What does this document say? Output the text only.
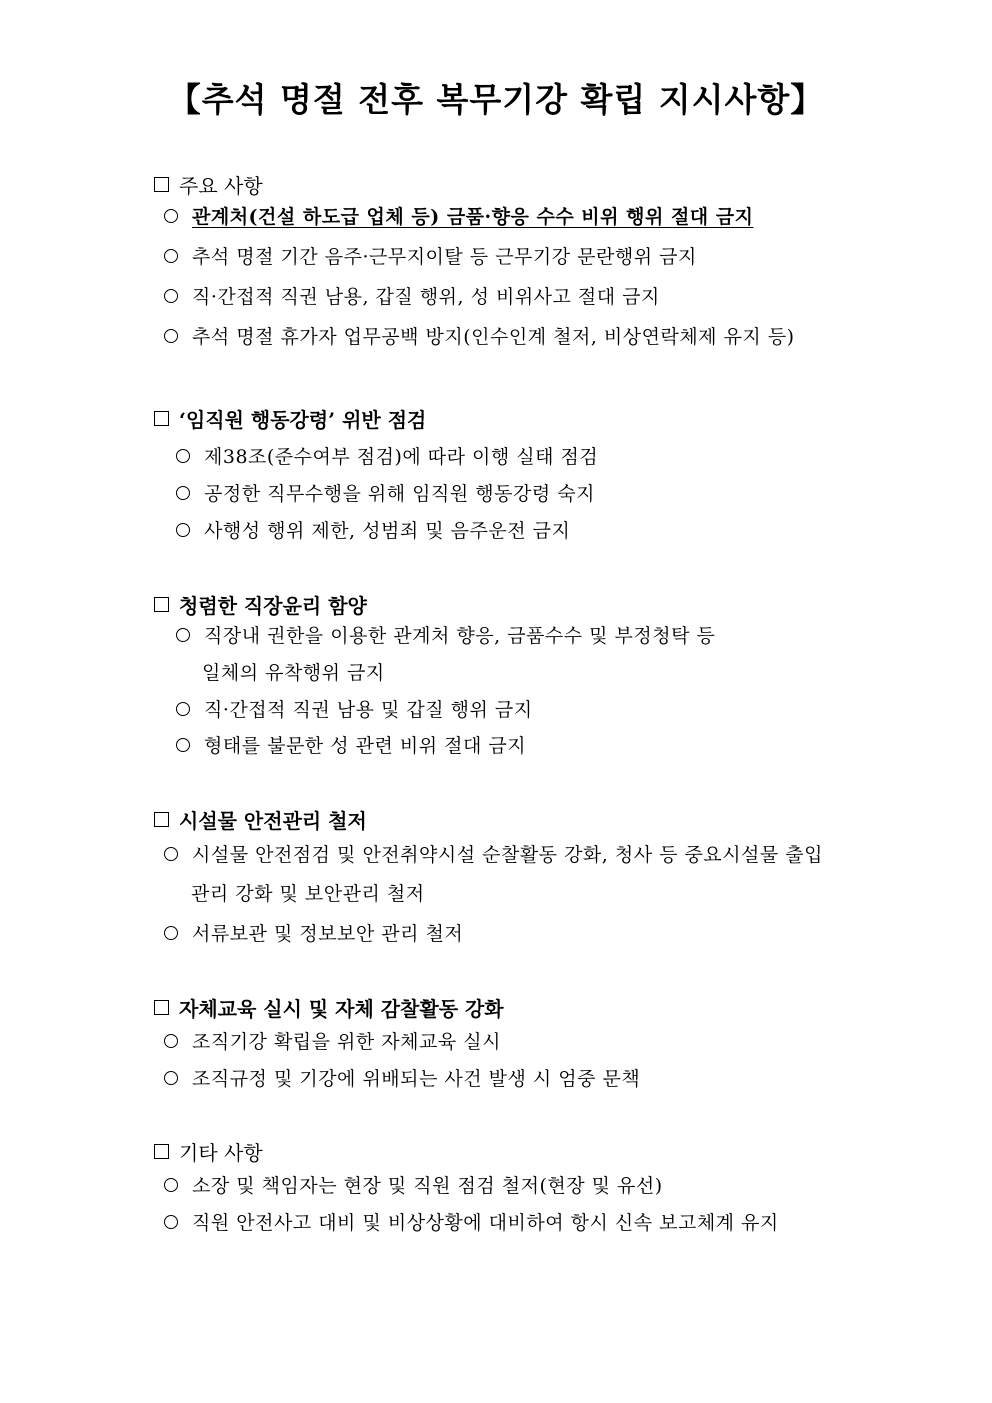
【추석 명절 전후 복무기강 확립 지시사항】
주요 사항
관계처(건설 하도급 업체 등) 금품·향응 수수 비위 행위 절대 금지
추석 명절 기간 음주·근무지이탈 등 근무기강 문란행위 금지
직·간접적 직권 남용, 갑질 행위, 성 비위사고 절대 금지
추석 명절 휴가자 업무공백 방지(인수인계 철저, 비상연락체제 유지 등)
‘임직원 행동강령’ 위반 점검
제38조(준수여부 점검)에 따라 이행 실태 점검
공정한 직무수행을 위해 임직원 행동강령 숙지
사행성 행위 제한, 성범죄 및 음주운전 금지
청렴한 직장윤리 함양
직장내 권한을 이용한 관계처 향응, 금품수수 및 부정청탁 등
일체의 유착행위 금지
직·간접적 직권 남용 및 갑질 행위 금지
형태를 불문한 성 관련 비위 절대 금지
시설물 안전관리 철저
시설물 안전점검 및 안전취약시설 순찰활동 강화, 청사 등 중요시설물 출입
관리 강화 및 보안관리 철저
서류보관 및 정보보안 관리 철저
자체교육 실시 및 자체 감찰활동 강화
조직기강 확립을 위한 자체교육 실시
조직규정 및 기강에 위배되는 사건 발생 시 엄중 문책
기타 사항
소장 및 책임자는 현장 및 직원 점검 철저(현장 및 유선)
직원 안전사고 대비 및 비상상황에 대비하여 항시 신속 보고체계 유지
